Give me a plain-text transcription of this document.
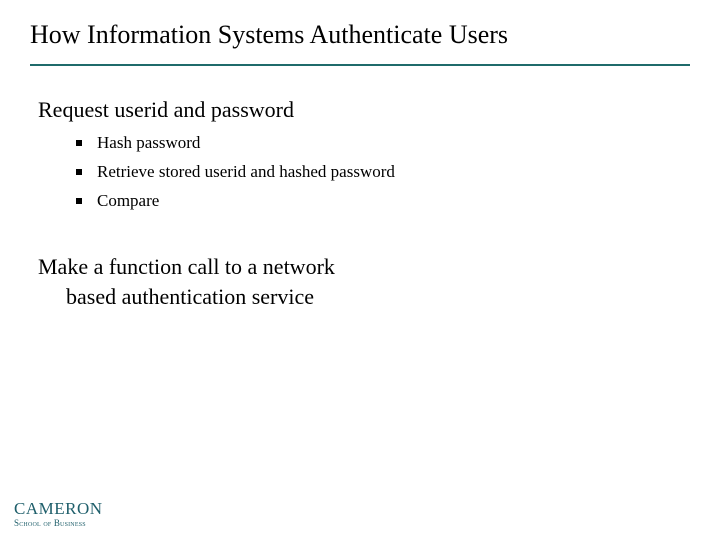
How Information Systems Authenticate Users
Request userid and password
Hash password
Retrieve stored userid and hashed password
Compare
Make a function call to a network
based authentication service
CAMERON
School of Business
